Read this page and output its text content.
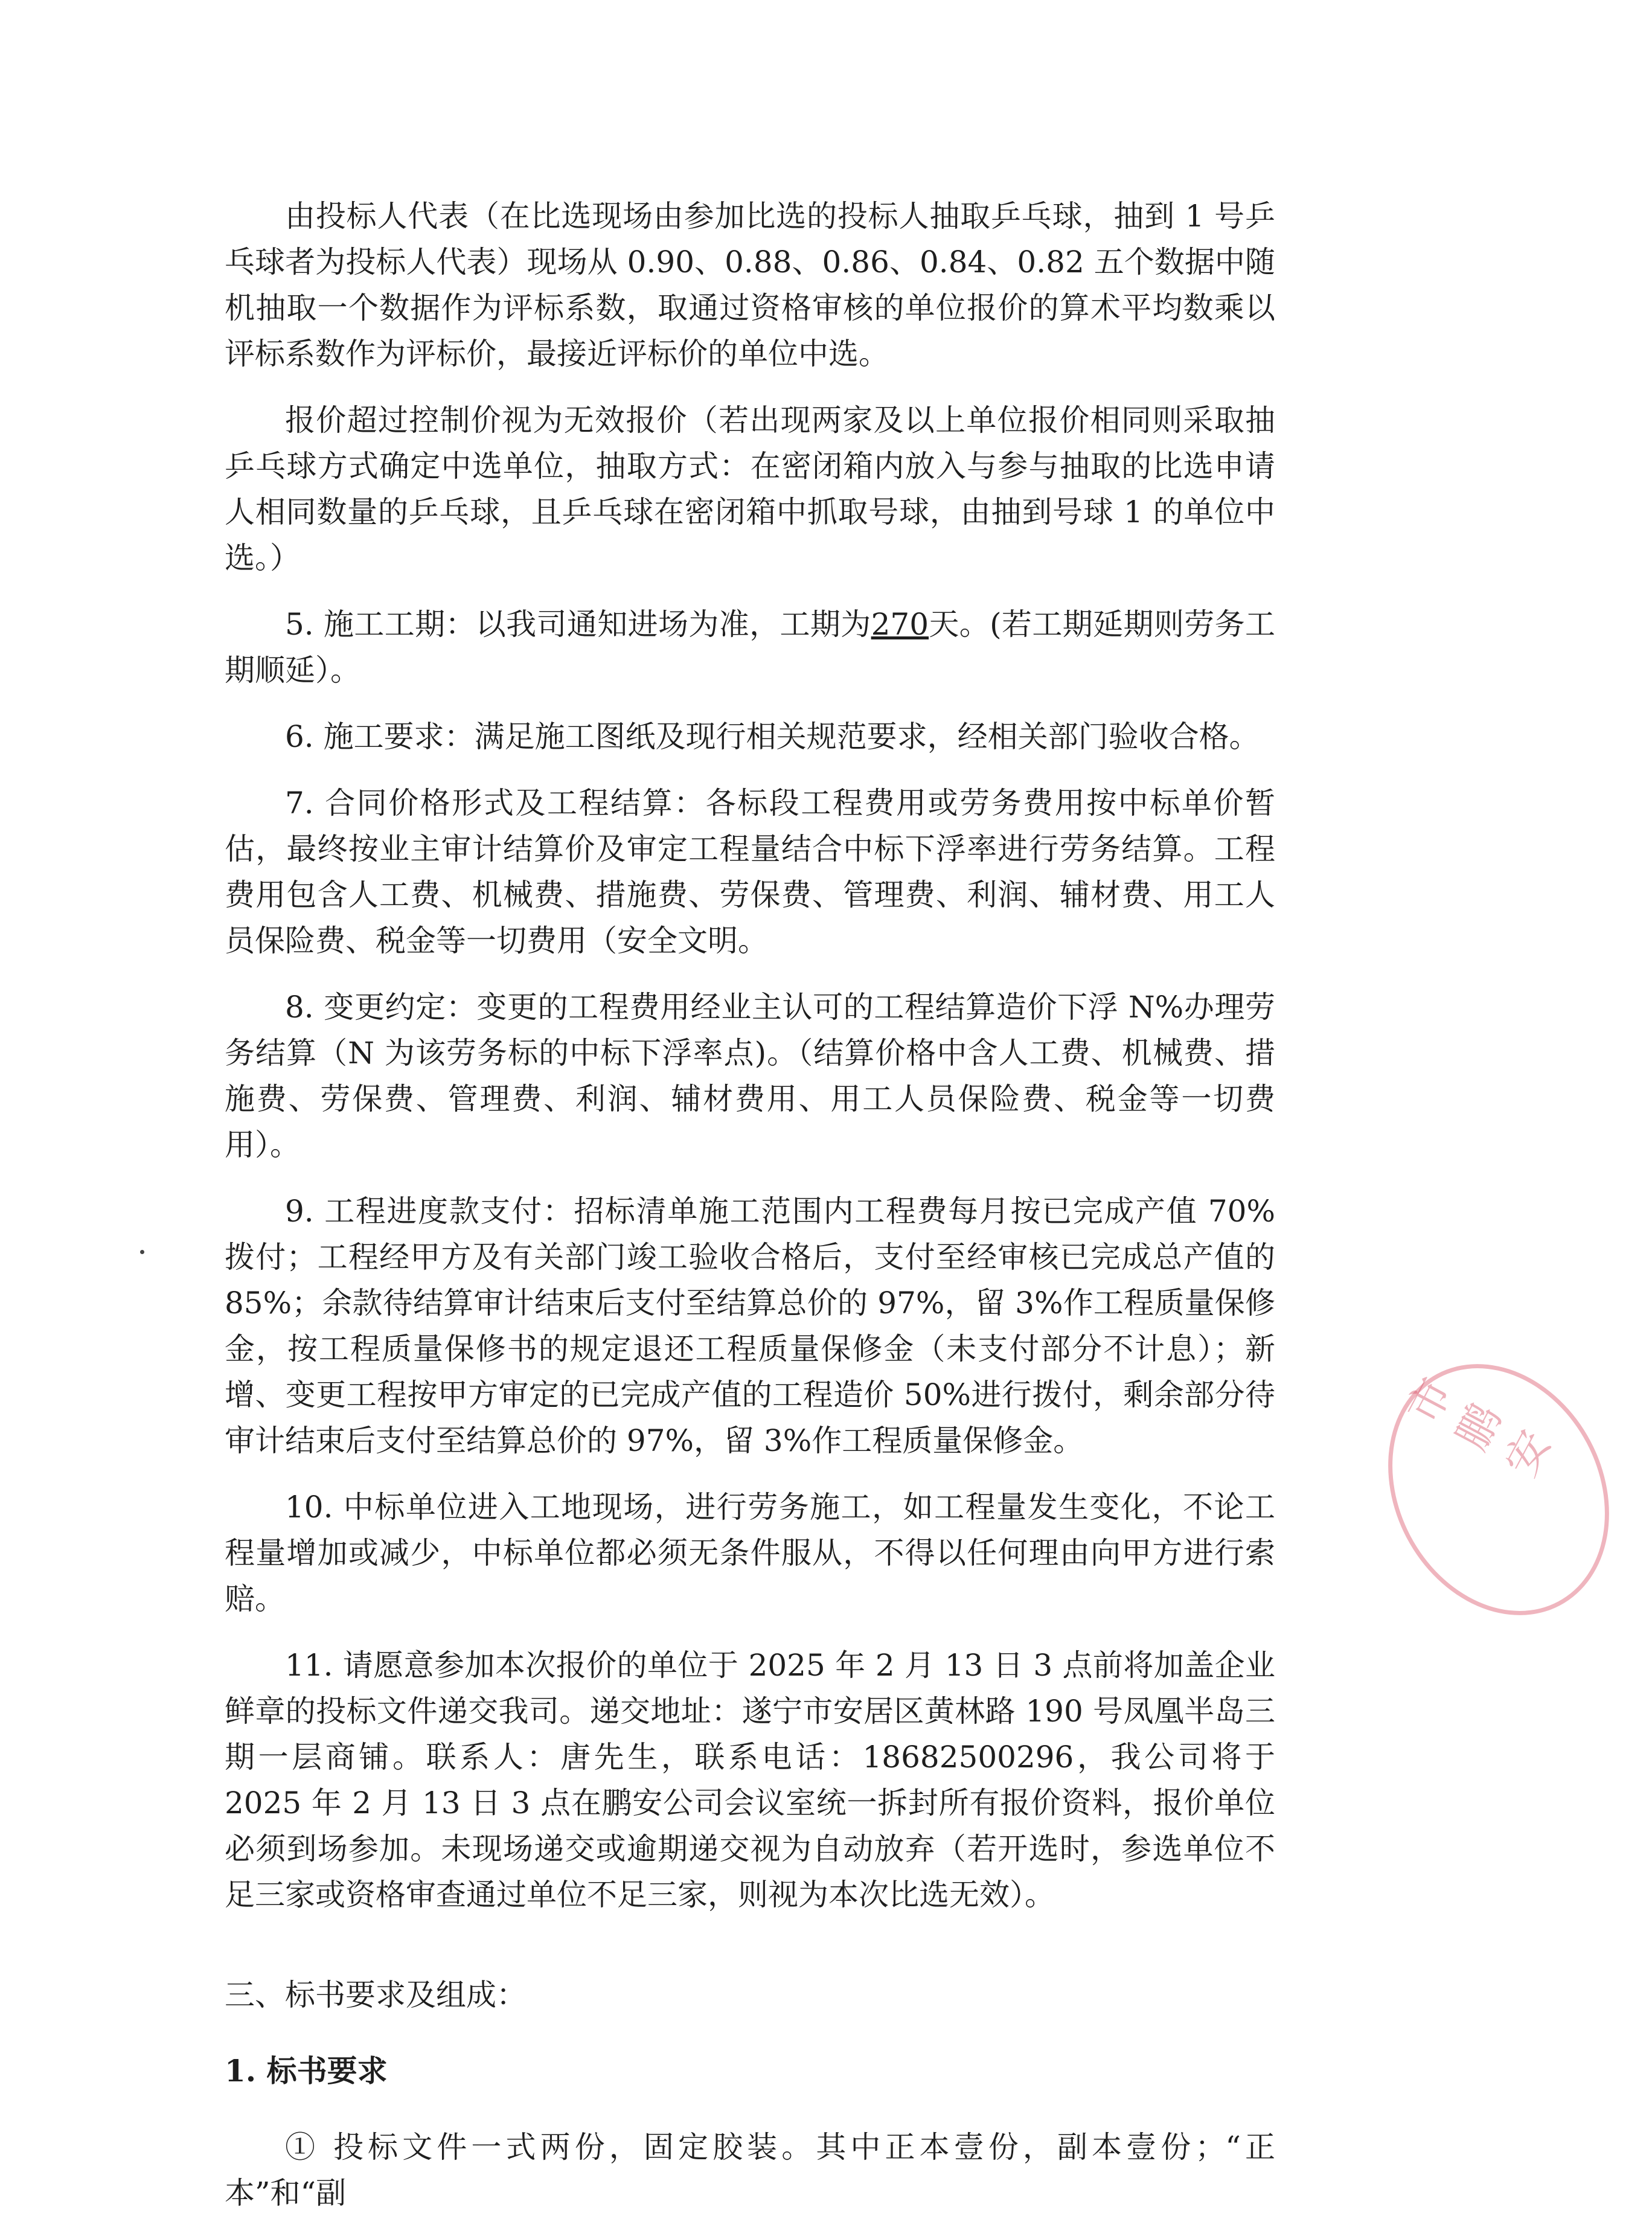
由投标人代表（在比选现场由参加比选的投标人抽取乒乓球，抽到 1 号乒乓球者为投标人代表）现场从 0.90、0.88、0.86、0.84、0.82 五个数据中随机抽取一个数据作为评标系数，取通过资格审核的单位报价的算术平均数乘以评标系数作为评标价，最接近评标价的单位中选。

报价超过控制价视为无效报价（若出现两家及以上单位报价相同则采取抽乒乓球方式确定中选单位，抽取方式：在密闭箱内放入与参与抽取的比选申请人相同数量的乒乓球，且乒乓球在密闭箱中抓取号球，由抽到号球 1 的单位中选。）

5. 施工工期：以我司通知进场为准，工期为270天。(若工期延期则劳务工期顺延）。

6. 施工要求：满足施工图纸及现行相关规范要求，经相关部门验收合格。

7. 合同价格形式及工程结算：各标段工程费用或劳务费用按中标单价暂估，最终按业主审计结算价及审定工程量结合中标下浮率进行劳务结算。工程费用包含人工费、机械费、措施费、劳保费、管理费、利润、辅材费、用工人员保险费、税金等一切费用（安全文明。

8. 变更约定：变更的工程费用经业主认可的工程结算造价下浮 N%办理劳务结算（N 为该劳务标的中标下浮率点)。（结算价格中含人工费、机械费、措施费、劳保费、管理费、利润、辅材费用、用工人员保险费、税金等一切费用）。

9. 工程进度款支付：招标清单施工范围内工程费每月按已完成产值 70%拨付；工程经甲方及有关部门竣工验收合格后，支付至经审核已完成总产值的 85%；余款待结算审计结束后支付至结算总价的 97%，留 3%作工程质量保修金，按工程质量保修书的规定退还工程质量保修金（未支付部分不计息）；新增、变更工程按甲方审定的已完成产值的工程造价 50%进行拨付，剩余部分待审计结束后支付至结算总价的 97%，留 3%作工程质量保修金。

10. 中标单位进入工地现场，进行劳务施工，如工程量发生变化，不论工程量增加或减少，中标单位都必须无条件服从，不得以任何理由向甲方进行索赔。

11. 请愿意参加本次报价的单位于 2025 年 2 月 13 日 3 点前将加盖企业鲜章的投标文件递交我司。递交地址：遂宁市安居区黄林路 190 号凤凰半岛三期一层商铺。联系人：唐先生，联系电话：18682500296，我公司将于 2025 年 2 月 13 日 3 点在鹏安公司会议室统一拆封所有报价资料，报价单位必须到场参加。未现场递交或逾期递交视为自动放弃（若开选时，参选单位不足三家或资格审查通过单位不足三家，则视为本次比选无效）。

三、标书要求及组成：

1. 标书要求

① 投标文件一式两份，固定胶装。其中正本壹份，副本壹份；“正本”和“副

市鹏安
